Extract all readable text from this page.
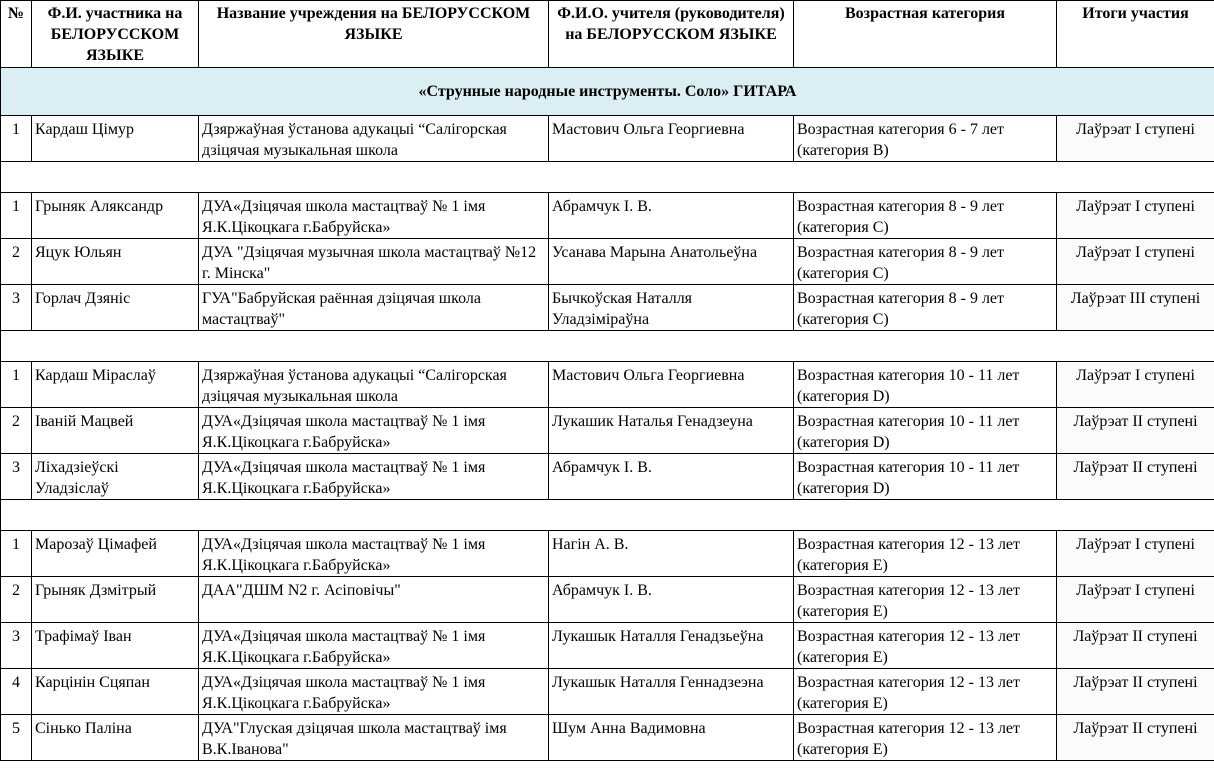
«Струнные народные инструменты. Соло» ГИТАРА					
№	Ф.И. участника на БЕЛОРУССКОМ ЯЗЫКЕ	Название учреждения на БЕЛОРУССКОМ ЯЗЫКЕ	Ф.И.О. учителя (руководителя) на БЕЛОРУССКОМ ЯЗЫКЕ	Возрастная категория	Итоги участия
1	Кардаш Цімур	Дзяржаўная ўстанова адукацыі “Салігорская дзіцячая музыкальная школа	Мастович Ольга Георгиевна	Возрастная категория 6 - 7 лет (категория В)	Лаўрэат I ступені

1	Грыняк Аляксандр	ДУА«Дзіцячая школа мастацтваў № 1 імя Я.К.Цікоцкага г.Бабруйска»	Абрамчук І. В.	Возрастная категория 8 - 9 лет (категория С)	Лаўрэат I ступені
2	Яцук Юльян	ДУА "Дзіцячая музычная школа мастацтваў №12 г. Мінска"	Усанава Марына Анатольеўна	Возрастная категория 8 - 9 лет (категория С)	Лаўрэат I ступені
3	Горлач Дзяніс	ГУА"Бабруйская раённая дзіцячая школа мастацтваў"	Бычкоўская Наталля Уладзіміраўна	Возрастная категория 8 - 9 лет (категория С)	Лаўрэат III ступені

1	Кардаш Міраслаў	Дзяржаўная ўстанова адукацыі “Салігорская дзіцячая музыкальная школа	Мастович Ольга Георгиевна	Возрастная категория 10 - 11 лет (категория D)	Лаўрэат I ступені
2	Іваній Мацвей	ДУА«Дзіцячая школа мастацтваў № 1 імя Я.К.Цікоцкага г.Бабруйска»	Лукашик Наталья Генадзеуна	Возрастная категория 10 - 11 лет (категория D)	Лаўрэат II ступені
3	Ліхадзіеўскі Уладзіслаў	ДУА«Дзіцячая школа мастацтваў № 1 імя Я.К.Цікоцкага г.Бабруйска»	Абрамчук І. В.	Возрастная категория 10 - 11 лет (категория D)	Лаўрэат II ступені

1	Марозаў Цімафей	ДУА«Дзіцячая школа мастацтваў № 1 імя Я.К.Цікоцкага г.Бабруйска»	Нагін А. В.	Возрастная категория 12 - 13 лет (категория Е)	Лаўрэат I ступені
2	Грыняк Дзмітрый	ДАА"ДШМ N2 г. Асіповічы"	Абрамчук І. В.	Возрастная категория 12 - 13 лет (категория Е)	Лаўрэат I ступені
3	Трафімаў Іван	ДУА«Дзіцячая школа мастацтваў № 1 імя Я.К.Цікоцкага г.Бабруйска»	Лукашык Наталля Генадзьеўна	Возрастная категория 12 - 13 лет (категория Е)	Лаўрэат II ступені
4	Карцінін Сцяпан	ДУА«Дзіцячая школа мастацтваў № 1 імя Я.К.Цікоцкага г.Бабруйска»	Лукашык Наталля Геннадзеэна	Возрастная категория 12 - 13 лет (категория Е)	Лаўрэат II ступені
5	Сінько Паліна	ДУА"Глуская дзіцячая школа мастацтваў імя В.К.Іванова"	Шум Анна Вадимовна	Возрастная категория 12 - 13 лет (категория Е)	Лаўрэат II ступені
